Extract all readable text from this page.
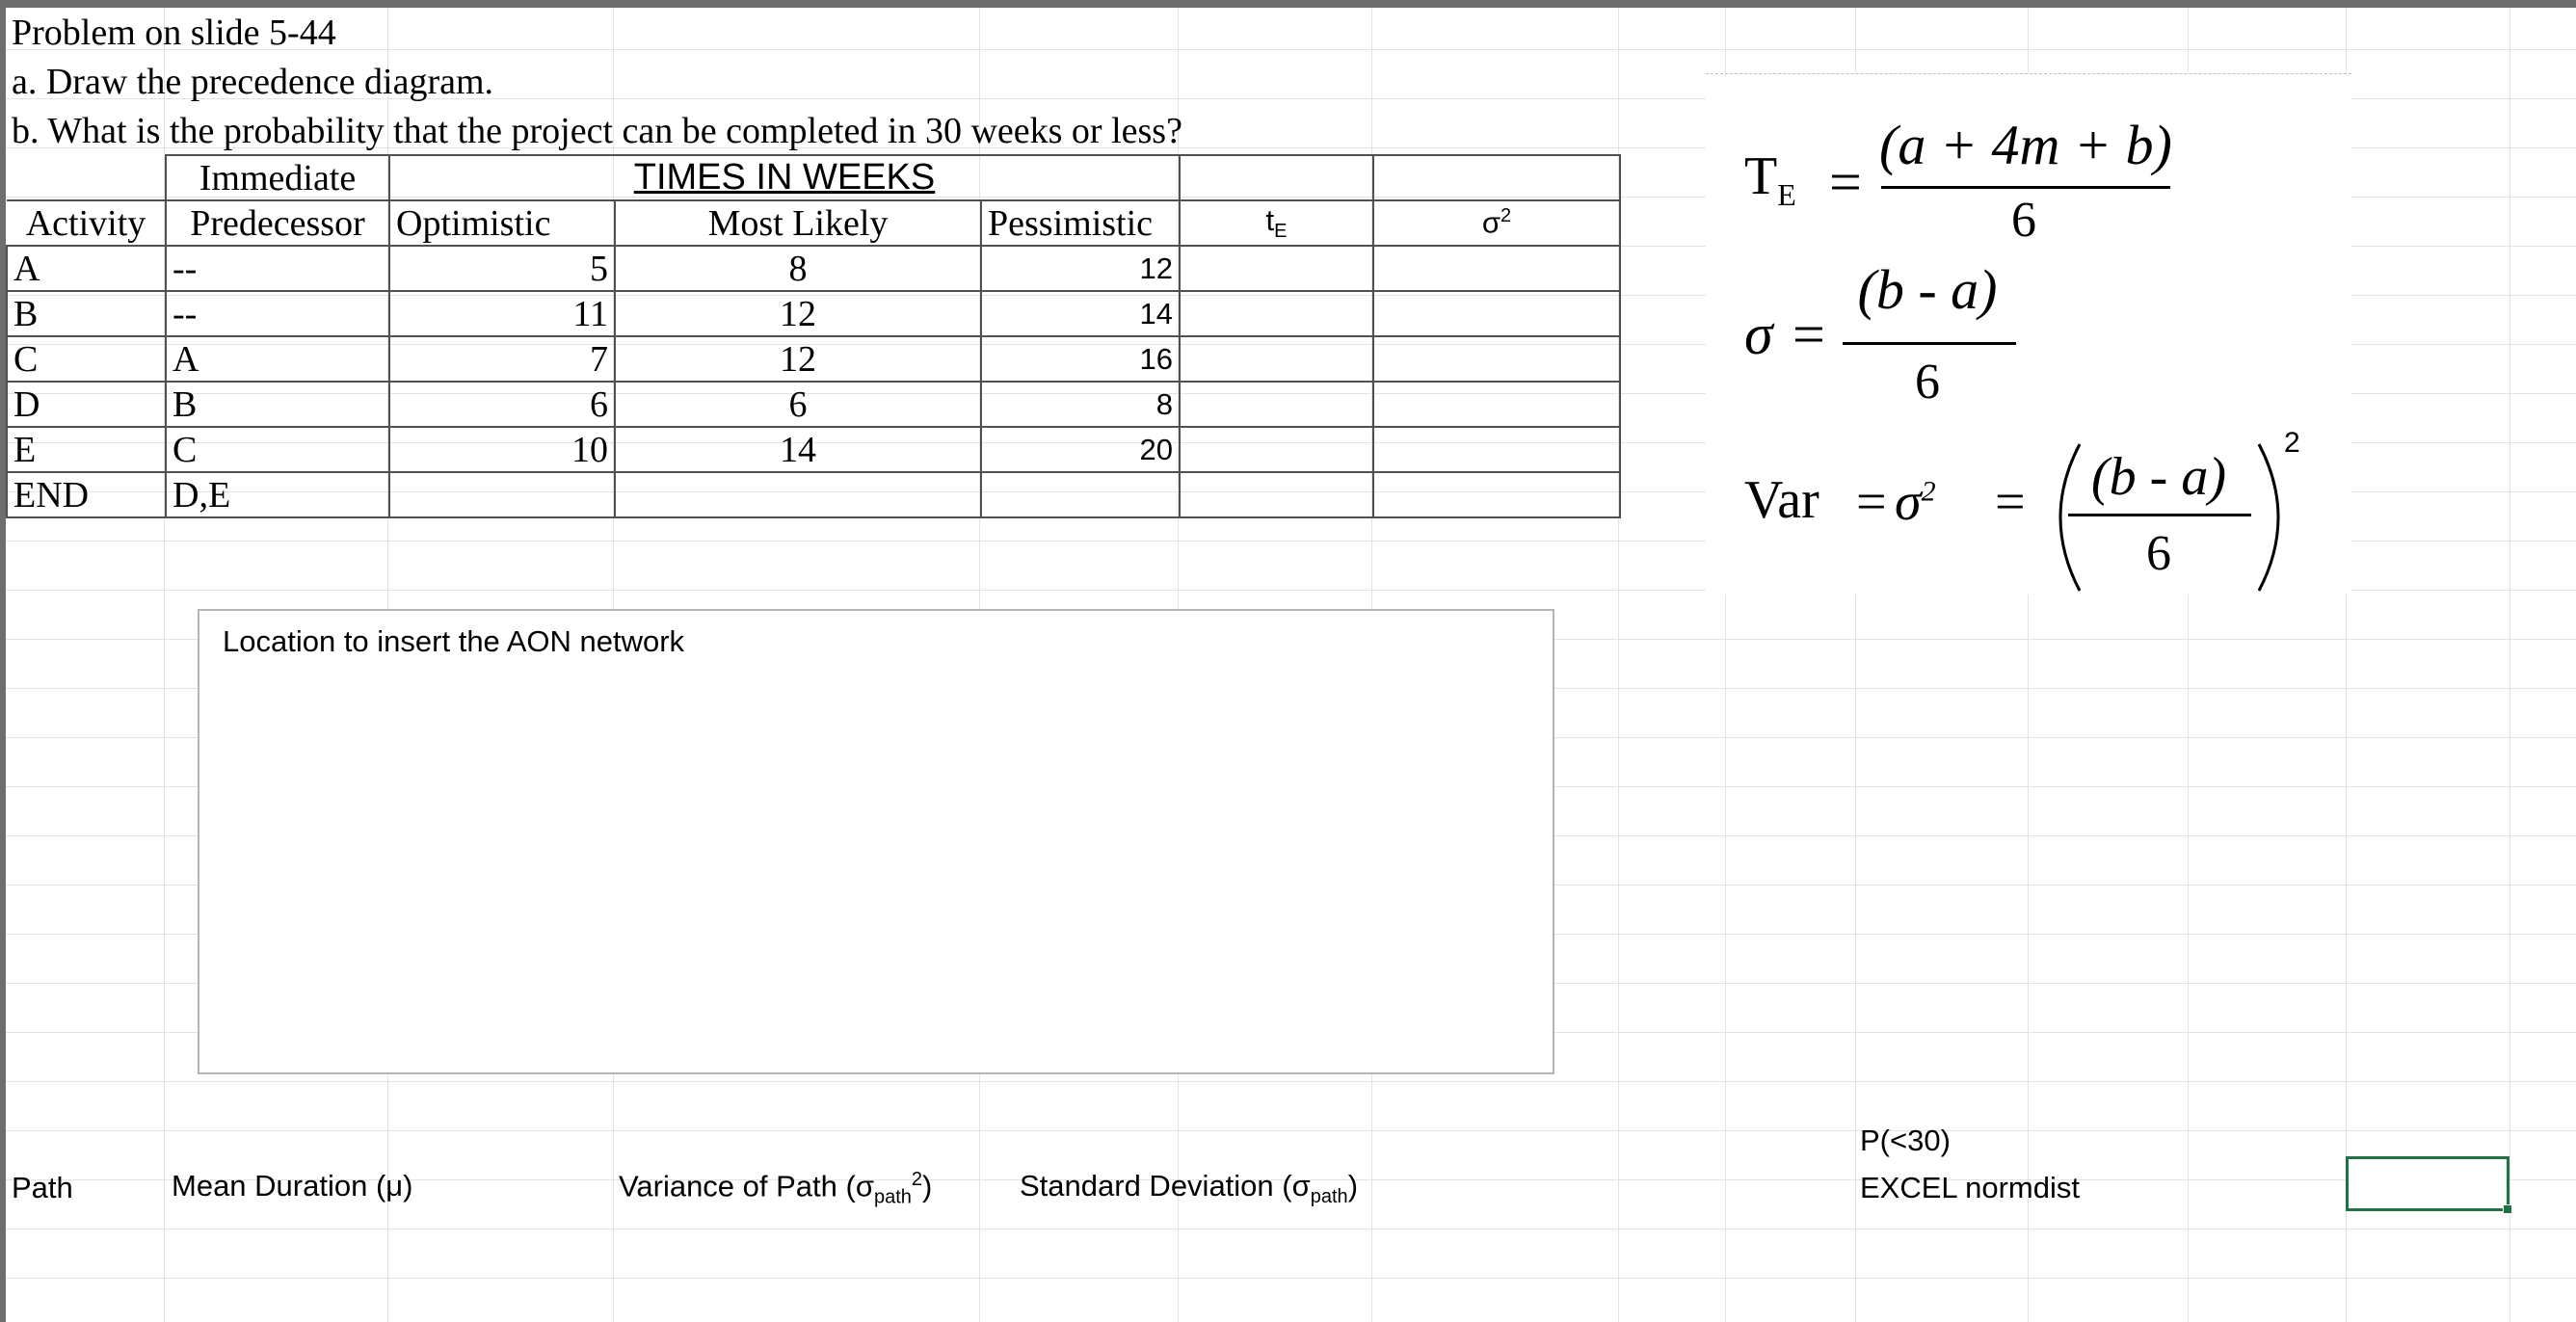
Problem on slide 5-44
a. Draw the precedence diagram.
b. What is the probability that the project can be completed in 30 weeks or less?
	Immediate	TIMES IN WEEKS				
Activity	Predecessor	Optimistic	Most Likely	Pessimistic	$t_E$	$\sigma^2$
A	--	5	8	12		
B	--	11	12	14		
C	A	7	12	16		
D	B	6	6	8		
E	C	10	14	20		
END	D,E					
$T_E$ =
(a + 4m + b)
6
σ =
(b - a)
6
Var = $\sigma^2$ =	(b - a)
6
2
Location to insert the AON network
P(<30)
Path	Mean Duration (μ)	Variance of Path $(\sigma_{path}^2)$	Standard Deviation $(\sigma_{path})$	EXCEL normdist
